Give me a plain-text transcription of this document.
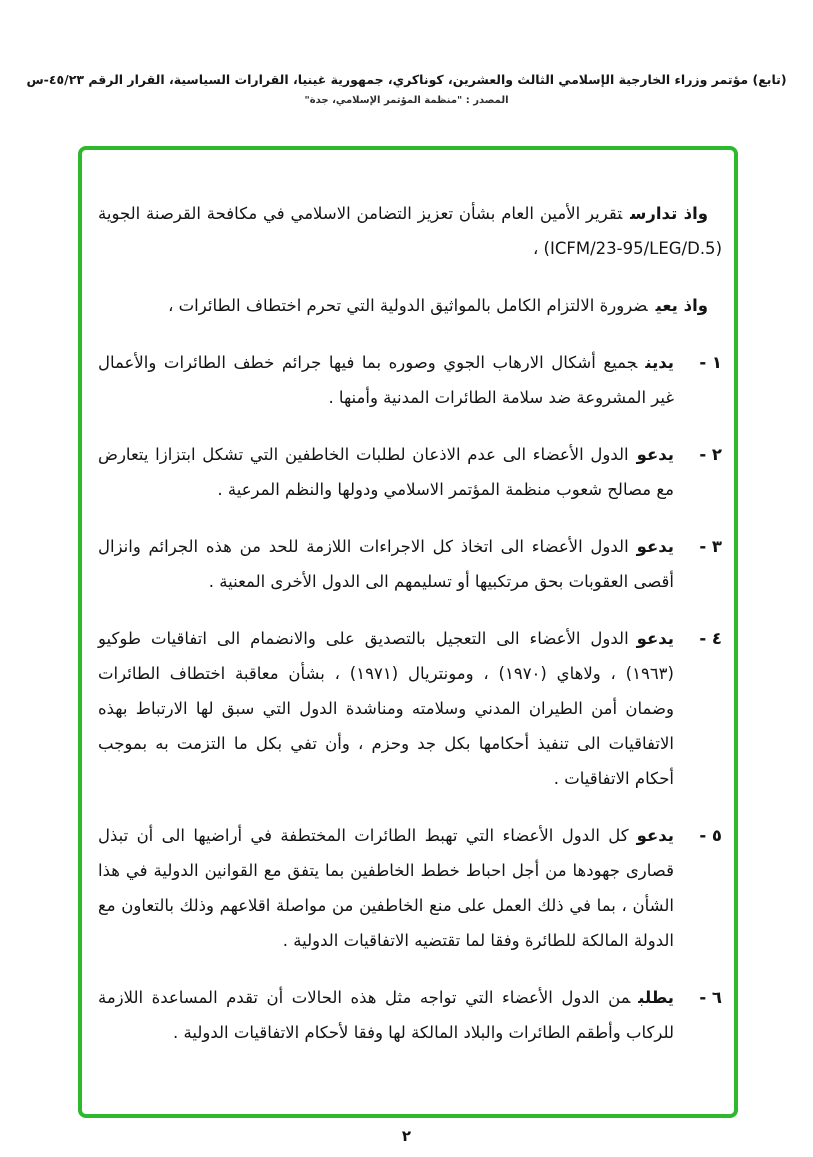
(تابع) مؤتمر وزراء الخارجية الإسلامي الثالث والعشرين، كوناكري، جمهورية غينيا، القرارات السياسية، القرار الرقم ٤٥/٢٣-س
المصدر : "منظمة المؤتمر الإسلامي، جدة"

واذ تدارستقرير الأمين العام بشأن تعزيز التضامن الاسلامي في مكافحة القرصنة الجوية (ICFM/23-95/LEG/D.5) ،

واذ يعيضرورة الالتزام الكامل بالمواثيق الدولية التي تحرم اختطاف الطائرات ،

١ -

يدينجميع أشكال الارهاب الجوي وصوره بما فيها جرائم خطف الطائرات والأعمال غير المشروعة ضد سلامة الطائرات المدنية وأمنها .

٢ -

يدعوالدول الأعضاء الى عدم الاذعان لطلبات الخاطفين التي تشكل ابتزازا يتعارض مع مصالح شعوب منظمة المؤتمر الاسلامي ودولها والنظم المرعية .

٣ -

يدعوالدول الأعضاء الى اتخاذ كل الاجراءات اللازمة للحد من هذه الجرائم وانزال أقصى العقوبات بحق مرتكبيها أو تسليمهم الى الدول الأخرى المعنية .

٤ -

يدعوالدول الأعضاء الى التعجيل بالتصديق على والانضمام الى اتفاقيات طوكيو (١٩٦٣) ، ولاهاي (١٩٧٠) ، ومونتريال (١٩٧١) ، بشأن معاقبة اختطاف الطائرات وضمان أمن الطيران المدني وسلامته ومناشدة الدول التي سبق لها الارتباط بهذه الاتفاقيات الى تنفيذ أحكامها بكل جد وحزم ، وأن تفي بكل ما التزمت به بموجب أحكام الاتفاقيات .

٥ -

يدعوكل الدول الأعضاء التي تهبط الطائرات المختطفة في أراضيها الى أن تبذل قصارى جهودها من أجل احباط خطط الخاطفين بما يتفق مع القوانين الدولية في هذا الشأن ، بما في ذلك العمل على منع الخاطفين من مواصلة اقلاعهم وذلك بالتعاون مع الدولة المالكة للطائرة وفقا لما تقتضيه الاتفاقيات الدولية .

٦ -

يطلبمن الدول الأعضاء التي تواجه مثل هذه الحالات أن تقدم المساعدة اللازمة للركاب وأطقم الطائرات والبلاد المالكة لها وفقا لأحكام الاتفاقيات الدولية .

٢
